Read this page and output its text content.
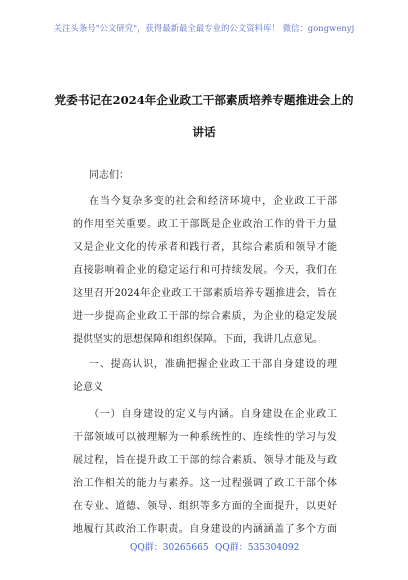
关注头条号"公文研究"，获得最新最全最专业的公文资料库！ 微信：gongwenyj
党委书记在2024年企业政工干部素质培养专题推进会上的
讲话
同志们：
在当今复杂多变的社会和经济环境中，企业政工干部
的作用至关重要。政工干部既是企业政治工作的骨干力量
又是企业文化的传承者和践行者，其综合素质和领导才能
直接影响着企业的稳定运行和可持续发展。今天，我们在
这里召开2024年企业政工干部素质培养专题推进会，旨在
进一步提高企业政工干部的综合素质，为企业的稳定发展
提供坚实的思想保障和组织保障。下面，我讲几点意见。
一、提高认识，准确把握企业政工干部自身建设的理
论意义
（一）自身建设的定义与内涵。自身建设在企业政工
干部领域可以被理解为一种系统性的、连续性的学习与发
展过程，旨在提升政工干部的综合素质、领导才能及与政
治工作相关的能力与素养。这一过程强调了政工干部个体
在专业、道德、领导、组织等多方面的全面提升，以更好
地履行其政治工作职责。自身建设的内涵涵盖了多个方面
QQ群：30265665 QQ群：535304092
